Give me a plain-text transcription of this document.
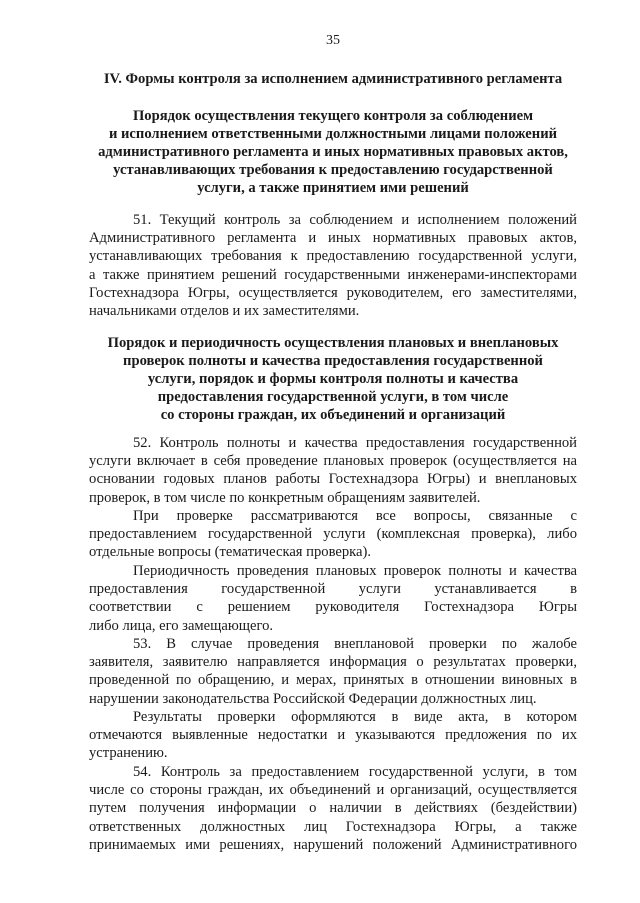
35
IV. Формы контроля за исполнением административного регламента
Порядок осуществления текущего контроля за соблюдением
и исполнением ответственными должностными лицами положений
административного регламента и иных нормативных правовых актов,
устанавливающих требования к предоставлению государственной
услуги, а также принятием ими решений
51. Текущий контроль за соблюдением и исполнением положений
Административного регламента и иных нормативных правовых актов,
устанавливающих требования к предоставлению государственной услуги,
а также принятием решений государственными инженерами-инспекторами
Гостехнадзора Югры, осуществляется руководителем, его заместителями,
начальниками отделов и их заместителями.
Порядок и периодичность осуществления плановых и внеплановых
проверок полноты и качества предоставления государственной
услуги, порядок и формы контроля полноты и качества
предоставления государственной услуги, в том числе
со стороны граждан, их объединений и организаций
52. Контроль полноты и качества предоставления государственной
услуги включает в себя проведение плановых проверок (осуществляется на
основании годовых планов работы Гостехнадзора Югры) и внеплановых
проверок, в том числе по конкретным обращениям заявителей.
При проверке рассматриваются все вопросы, связанные с
предоставлением государственной услуги (комплексная проверка), либо
отдельные вопросы (тематическая проверка).
Периодичность проведения плановых проверок полноты и качества
предоставления государственной услуги устанавливается в
соответствии с решением руководителя Гостехнадзора Югры
либо лица, его замещающего.
53. В случае проведения внеплановой проверки по жалобе
заявителя, заявителю направляется информация о результатах проверки,
проведенной по обращению, и мерах, принятых в отношении виновных в
нарушении законодательства Российской Федерации должностных лиц.
Результаты проверки оформляются в виде акта, в котором
отмечаются выявленные недостатки и указываются предложения по их
устранению.
54. Контроль за предоставлением государственной услуги, в том
числе со стороны граждан, их объединений и организаций, осуществляется
путем получения информации о наличии в действиях (бездействии)
ответственных должностных лиц Гостехнадзора Югры, а также
принимаемых ими решениях, нарушений положений Административного
